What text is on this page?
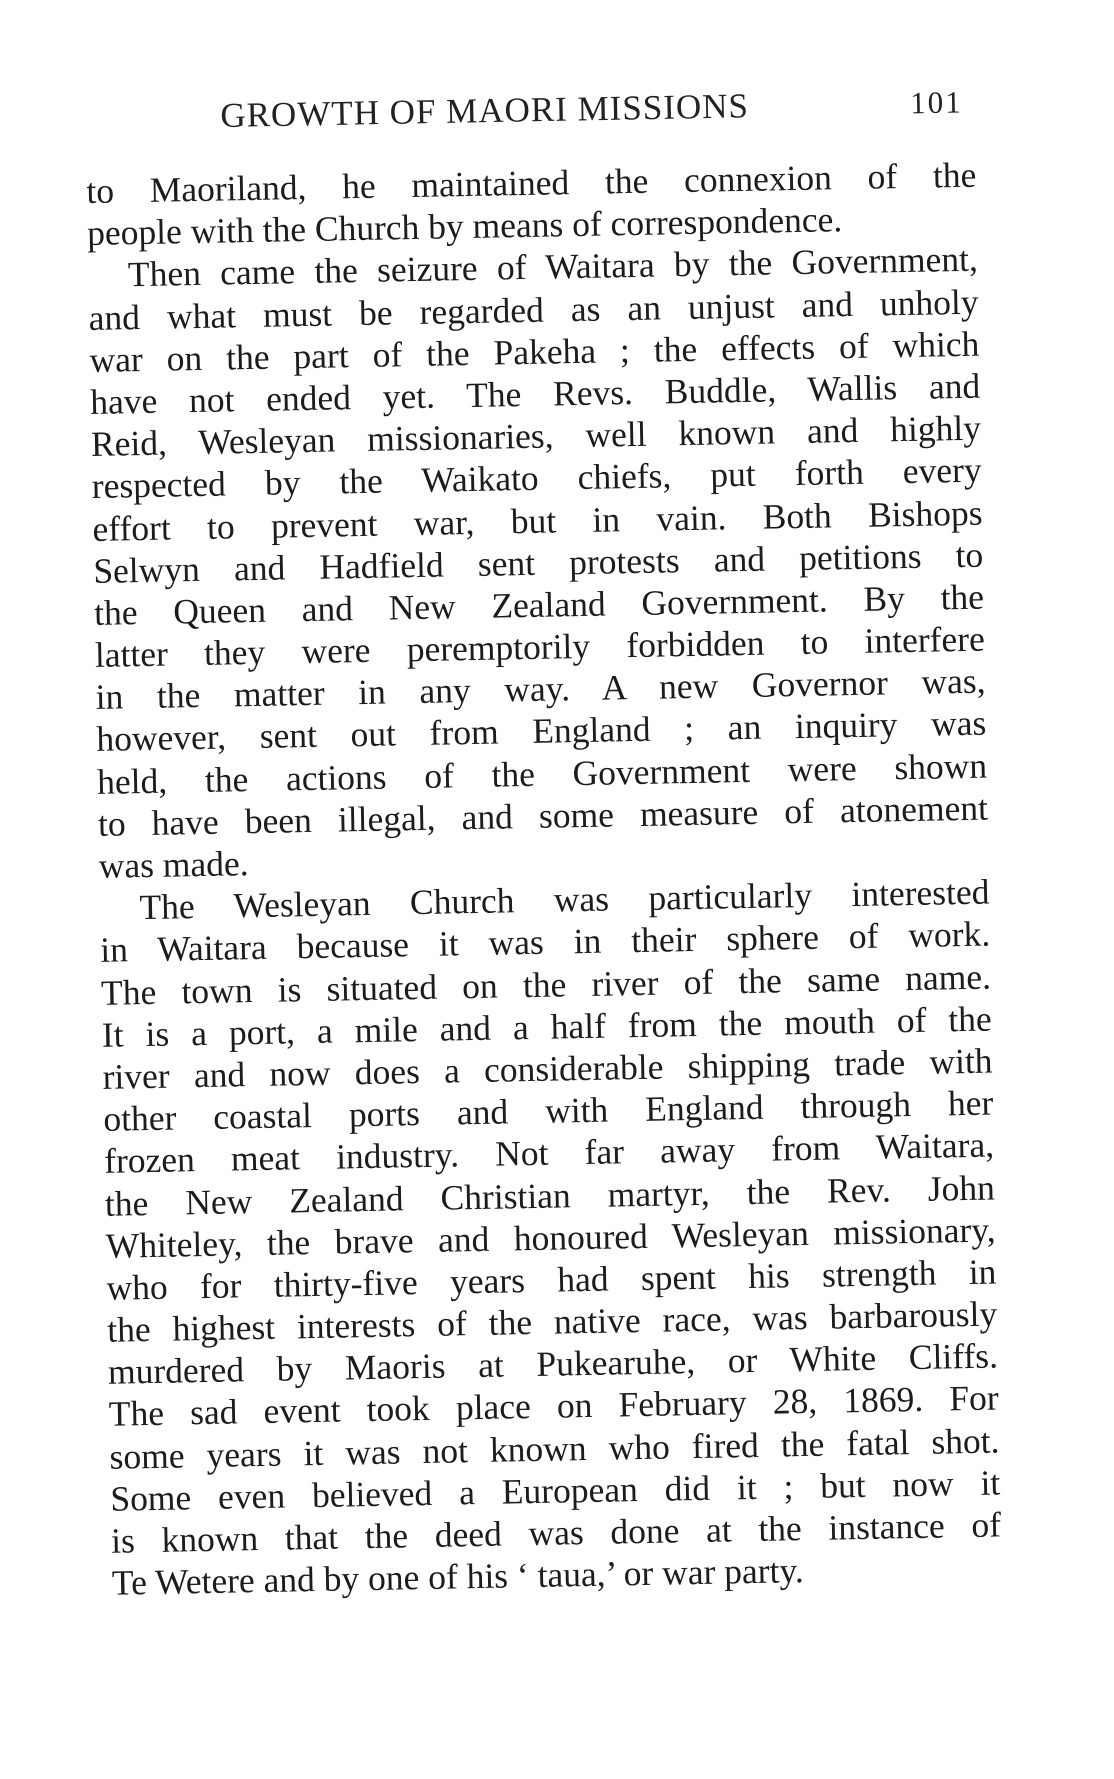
GROWTH OF MAORI MISSIONS	101
to Maoriland, he maintained the connexion of the
people with the Church by means of correspondence.
Then came the seizure of Waitara by the Government,
and what must be regarded as an unjust and unholy
war on the part of the Pakeha ; the effects of which
have not ended yet. The Revs. Buddle, Wallis and
Reid, Wesleyan missionaries, well known and highly
respected by the Waikato chiefs, put forth every
effort to prevent war, but in vain. Both Bishops
Selwyn and Hadfield sent protests and petitions to
the Queen and New Zealand Government. By the
latter they were peremptorily forbidden to interfere
in the matter in any way. A new Governor was,
however, sent out from England ; an inquiry was
held, the actions of the Government were shown
to have been illegal, and some measure of atonement
was made.
The Wesleyan Church was particularly interested
in Waitara because it was in their sphere of work.
The town is situated on the river of the same name.
It is a port, a mile and a half from the mouth of the
river and now does a considerable shipping trade with
other coastal ports and with England through her
frozen meat industry. Not far away from Waitara,
the New Zealand Christian martyr, the Rev. John
Whiteley, the brave and honoured Wesleyan missionary,
who for thirty-five years had spent his strength in
the highest interests of the native race, was barbarously
murdered by Maoris at Pukearuhe, or White Cliffs.
The sad event took place on February 28, 1869. For
some years it was not known who fired the fatal shot.
Some even believed a European did it ; but now it
is known that the deed was done at the instance of
Te Wetere and by one of his ‘ taua,’ or war party.
